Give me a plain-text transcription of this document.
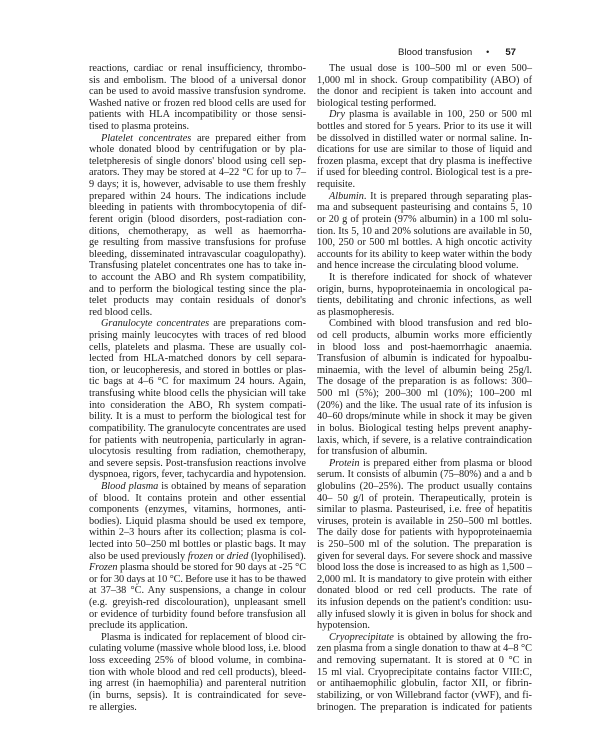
Blood transfusion • 57
reactions, cardiac or renal insufficiency, thrombo-
sis and embolism. The blood of a universal donor
can be used to avoid massive transfusion syndrome.
Washed native or frozen red blood cells are used for
patients with HLA incompatibility or those sensi-
tised to plasma proteins.
Platelet concentrates are prepared either from
whole donated blood by centrifugation or by pla-
teletpheresis of single donors' blood using cell sep-
arators. They may be stored at 4–22 °C for up to 7–
9 days; it is, however, advisable to use them freshly
prepared within 24 hours. The indications include
bleeding in patients with thrombocytopenia of dif-
ferent origin (blood disorders, post-radiation con-
ditions, chemotherapy, as well as haemorrha-
ge resulting from massive transfusions for profuse
bleeding, disseminated intravascular coagulopathy).
Transfusing platelet concentrates one has to take in-
to account the ABO and Rh system compatibility,
and to perform the biological testing since the pla-
telet products may contain residuals of donor's
red blood cells.
Granulocyte concentrates are preparations com-
prising mainly leucocytes with traces of red blood
cells, platelets and plasma. These are usually col-
lected from HLA-matched donors by cell separa-
tion, or leucopheresis, and stored in bottles or plas-
tic bags at 4–6 °C for maximum 24 hours. Again,
transfusing white blood cells the physician will take
into consideration the ABO, Rh system compati-
bility. It is a must to perform the biological test for
compatibility. The granulocyte concentrates are used
for patients with neutropenia, particularly in agran-
ulocytosis resulting from radiation, chemotherapy,
and severe sepsis. Post-transfusion reactions involve
dyspnoea, rigors, fever, tachycardia and hypotension.
Blood plasma is obtained by means of separation
of blood. It contains protein and other essential
components (enzymes, vitamins, hormones, anti-
bodies). Liquid plasma should be used ex tempore,
within 2–3 hours after its collection; plasma is col-
lected into 50–250 ml bottles or plastic bags. It may
also be used previously frozen or dried (lyophilised).
Frozen plasma should be stored for 90 days at -25 °C
or for 30 days at 10 °C. Before use it has to be thawed
at 37–38 °C. Any suspensions, a change in colour
(e.g. greyish-red discolouration), unpleasant smell
or evidence of turbidity found before transfusion all
preclude its application.
Plasma is indicated for replacement of blood cir-
culating volume (massive whole blood loss, i.e. blood
loss exceeding 25% of blood volume, in combina-
tion with whole blood and red cell products), bleed-
ing arrest (in haemophilia) and parenteral nutrition
(in burns, sepsis). It is contraindicated for seve-
re allergies.
The usual dose is 100–500 ml or even 500–
1,000 ml in shock. Group compatibility (ABO) of
the donor and recipient is taken into account and
biological testing performed.
Dry plasma is available in 100, 250 or 500 ml
bottles and stored for 5 years. Prior to its use it will
be dissolved in distilled water or normal saline. In-
dications for use are similar to those of liquid and
frozen plasma, except that dry plasma is ineffective
if used for bleeding control. Biological test is a pre-
requisite.
Albumin. It is prepared through separating plas-
ma and subsequent pasteurising and contains 5, 10
or 20 g of protein (97% albumin) in a 100 ml solu-
tion. Its 5, 10 and 20% solutions are available in 50,
100, 250 or 500 ml bottles. A high oncotic activity
accounts for its ability to keep water within the body
and hence increase the circulating blood volume.
It is therefore indicated for shock of whatever
origin, burns, hypoproteinaemia in oncological pa-
tients, debilitating and chronic infections, as well
as plasmopheresis.
Combined with blood transfusion and red blo-
od cell products, albumin works more efficiently
in blood loss and post-haemorrhagic anaemia.
Transfusion of albumin is indicated for hypoalbu-
minaemia, with the level of albumin being 25g/l.
The dosage of the preparation is as follows: 300–
500 ml (5%); 200–300 ml (10%); 100–200 ml
(20%) and the like. The usual rate of its infusion is
40–60 drops/minute while in shock it may be given
in bolus. Biological testing helps prevent anaphy-
laxis, which, if severe, is a relative contraindication
for transfusion of albumin.
Protein is prepared either from plasma or blood
serum. It consists of albumin (75–80%) and a and b
globulins (20–25%). The product usually contains
40– 50 g/l of protein. Therapeutically, protein is
similar to plasma. Pasteurised, i.e. free of hepatitis
viruses, protein is available in 250–500 ml bottles.
The daily dose for patients with hypoproteinaemia
is 250–500 ml of the solution. The preparation is
given for several days. For severe shock and massive
blood loss the dose is increased to as high as 1,500 –
2,000 ml. It is mandatory to give protein with either
donated blood or red cell products. The rate of
its infusion depends on the patient's condition: usu-
ally infused slowly it is given in bolus for shock and
hypotension.
Cryoprecipitate is obtained by allowing the fro-
zen plasma from a single donation to thaw at 4–8 °C
and removing supernatant. It is stored at 0 °C in
15 ml vial. Cryoprecipitate contains factor VIII:C,
or antihaemophilic globulin, factor XII, or fibrin-
stabilizing, or von Willebrand factor (vWF), and fi-
brinogen. The preparation is indicated for patients
